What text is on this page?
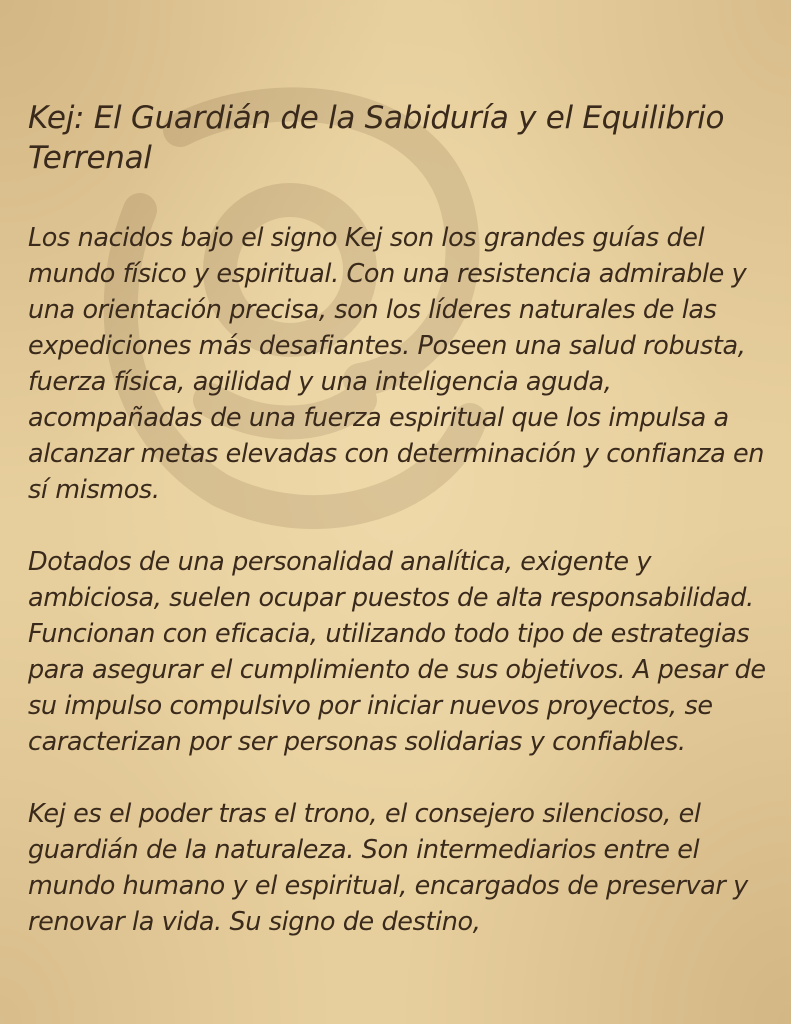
Kej: El Guardián de la Sabiduría y el Equilibrio Terrenal

Los nacidos bajo el signo Kej son los grandes guías del mundo físico y espiritual. Con una resistencia admirable y una orientación precisa, son los líderes naturales de las expediciones más desafiantes. Poseen una salud robusta, fuerza física, agilidad y una inteligencia aguda, acompañadas de una fuerza espiritual que los impulsa a alcanzar metas elevadas con determinación y confianza en sí mismos.

Dotados de una personalidad analítica, exigente y ambiciosa, suelen ocupar puestos de alta responsabilidad. Funcionan con eficacia, utilizando todo tipo de estrategias para asegurar el cumplimiento de sus objetivos. A pesar de su impulso compulsivo por iniciar nuevos proyectos, se caracterizan por ser personas solidarias y confiables.

Kej es el poder tras el trono, el consejero silencioso, el guardián de la naturaleza. Son intermediarios entre el mundo humano y el espiritual, encargados de preservar y renovar la vida. Su signo de destino,
